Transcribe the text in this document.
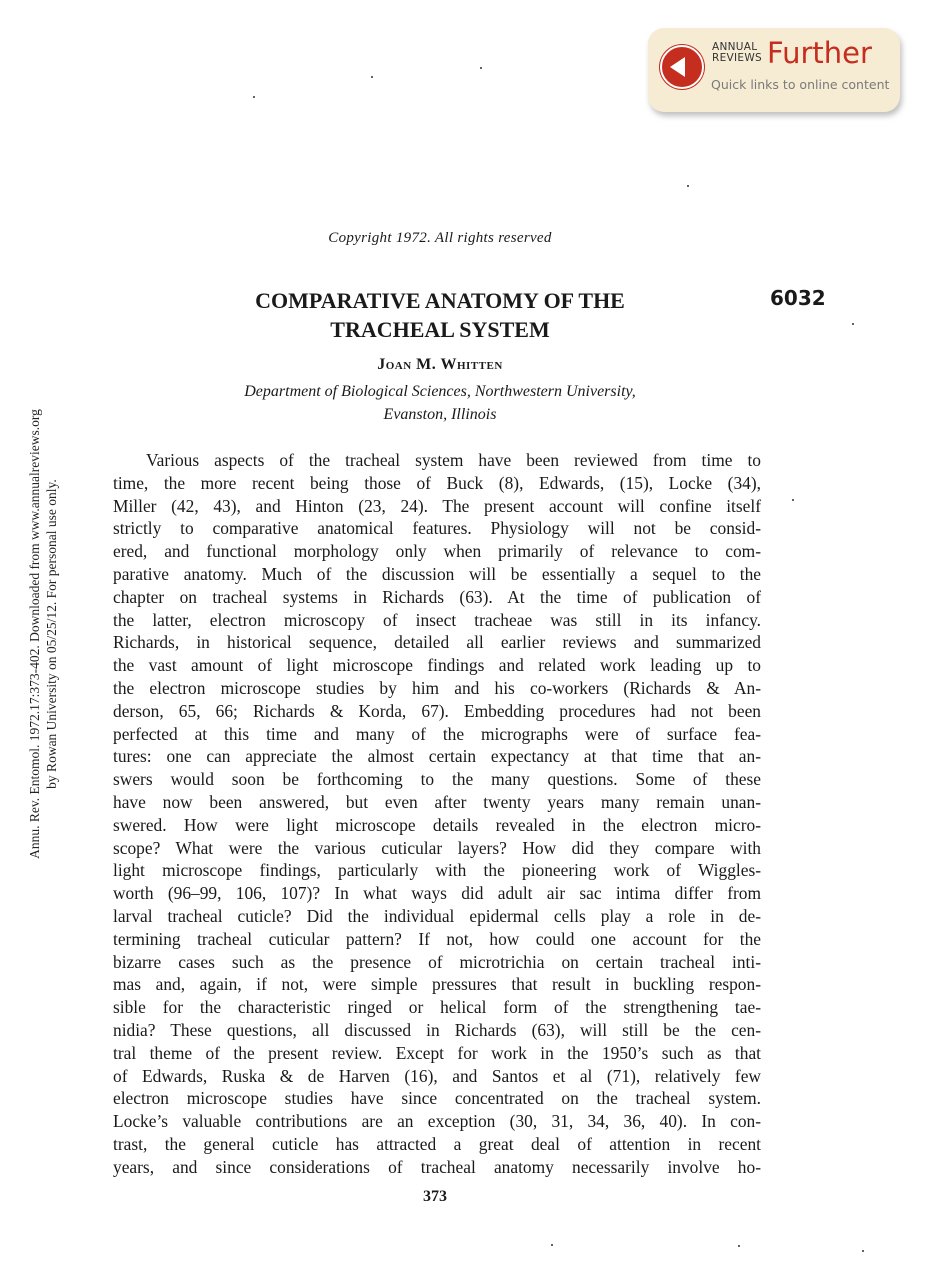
ANNUAL
REVIEWS Further
Quick links to online content
Annu. Rev. Entomol. 1972.17:373-402. Downloaded from www.annualreviews.org by Rowan University on 05/25/12. For personal use only.
Copyright 1972. All rights reserved
COMPARATIVE ANATOMY OF THE
TRACHEAL SYSTEM
6032
Joan M. Whitten
Department of Biological Sciences, Northwestern University,
Evanston, Illinois
Various aspects of the tracheal system have been reviewed from time to
time, the more recent being those of Buck (8), Edwards, (15), Locke (34),
Miller (42, 43), and Hinton (23, 24). The present account will confine itself
strictly to comparative anatomical features. Physiology will not be consid-
ered, and functional morphology only when primarily of relevance to com-
parative anatomy. Much of the discussion will be essentially a sequel to the
chapter on tracheal systems in Richards (63). At the time of publication of
the latter, electron microscopy of insect tracheae was still in its infancy.
Richards, in historical sequence, detailed all earlier reviews and summarized
the vast amount of light microscope findings and related work leading up to
the electron microscope studies by him and his co-workers (Richards & An-
derson, 65, 66; Richards & Korda, 67). Embedding procedures had not been
perfected at this time and many of the micrographs were of surface fea-
tures: one can appreciate the almost certain expectancy at that time that an-
swers would soon be forthcoming to the many questions. Some of these
have now been answered, but even after twenty years many remain unan-
swered. How were light microscope details revealed in the electron micro-
scope? What were the various cuticular layers? How did they compare with
light microscope findings, particularly with the pioneering work of Wiggles-
worth (96–99, 106, 107)? In what ways did adult air sac intima differ from
larval tracheal cuticle? Did the individual epidermal cells play a role in de-
termining tracheal cuticular pattern? If not, how could one account for the
bizarre cases such as the presence of microtrichia on certain tracheal inti-
mas and, again, if not, were simple pressures that result in buckling respon-
sible for the characteristic ringed or helical form of the strengthening tae-
nidia? These questions, all discussed in Richards (63), will still be the cen-
tral theme of the present review. Except for work in the 1950’s such as that
of Edwards, Ruska & de Harven (16), and Santos et al (71), relatively few
electron microscope studies have since concentrated on the tracheal system.
Locke’s valuable contributions are an exception (30, 31, 34, 36, 40). In con-
trast, the general cuticle has attracted a great deal of attention in recent
years, and since considerations of tracheal anatomy necessarily involve ho-
373
